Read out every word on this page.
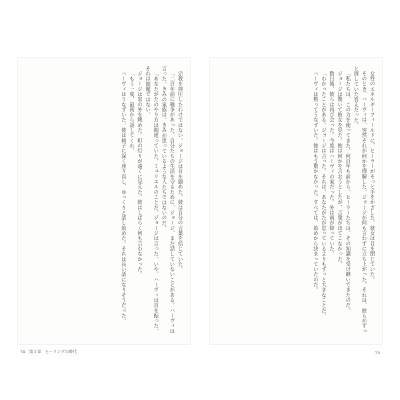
宗教を抑圧したわけではない。ジョージは目を細めた。彼は自分の言葉を信じていた。

「二百年前に戦争があった。自分たちの生活を守るために、ジョージ、まだ話していないことがある。ハーヴィは言った。きみの家族は、きみが思っているような人たちではないのだ。

「あなたがたのやり方は間違っていた。ミュリエルのことだ。ジョージは言った。いや、ハーヴィは首を振った。それは問題ではない。

ジョージは窓の外を眺めた。町の灯りが遠くに見えた。彼はしばらく何も言わなかった。

「もう一度、最初から話してくれ。

ハーヴィはうなずいた。彼は椅子に深く座り直し、ゆっくりと話し始めた。それは長い話になりそうだった。

74　第３章　ヒーリングの時代

女性のエネルギーフィールドに、ヒーラーがそっと手をかざした。彼女は目を閉じていた。

そのとき、ハーヴィは、突然それが何かを理解した。ジョージが何も言わずに立ち上がった。それは、彼らがずっと探していた答えだった。

「私たちは、この力を使ってきた。何百年も前から。ヒーラーたちは、その知識を受け継いできたのだ。

ジョージは驚いて彼女を見た。彼は何かを言おうとしたが、言葉が出てこなかった。

数日後、彼らは再び会った。今度はハーヴィの家だった。外は雨が降っていた。

「わかったことがある。ジョージは言った。それは、あなたがたが思っているよりもずっと大きなことだ。

ハーヴィは黙ってうなずいた。彼はもう驚かなかった。すべては、始めから決まっていたのだ。

75
